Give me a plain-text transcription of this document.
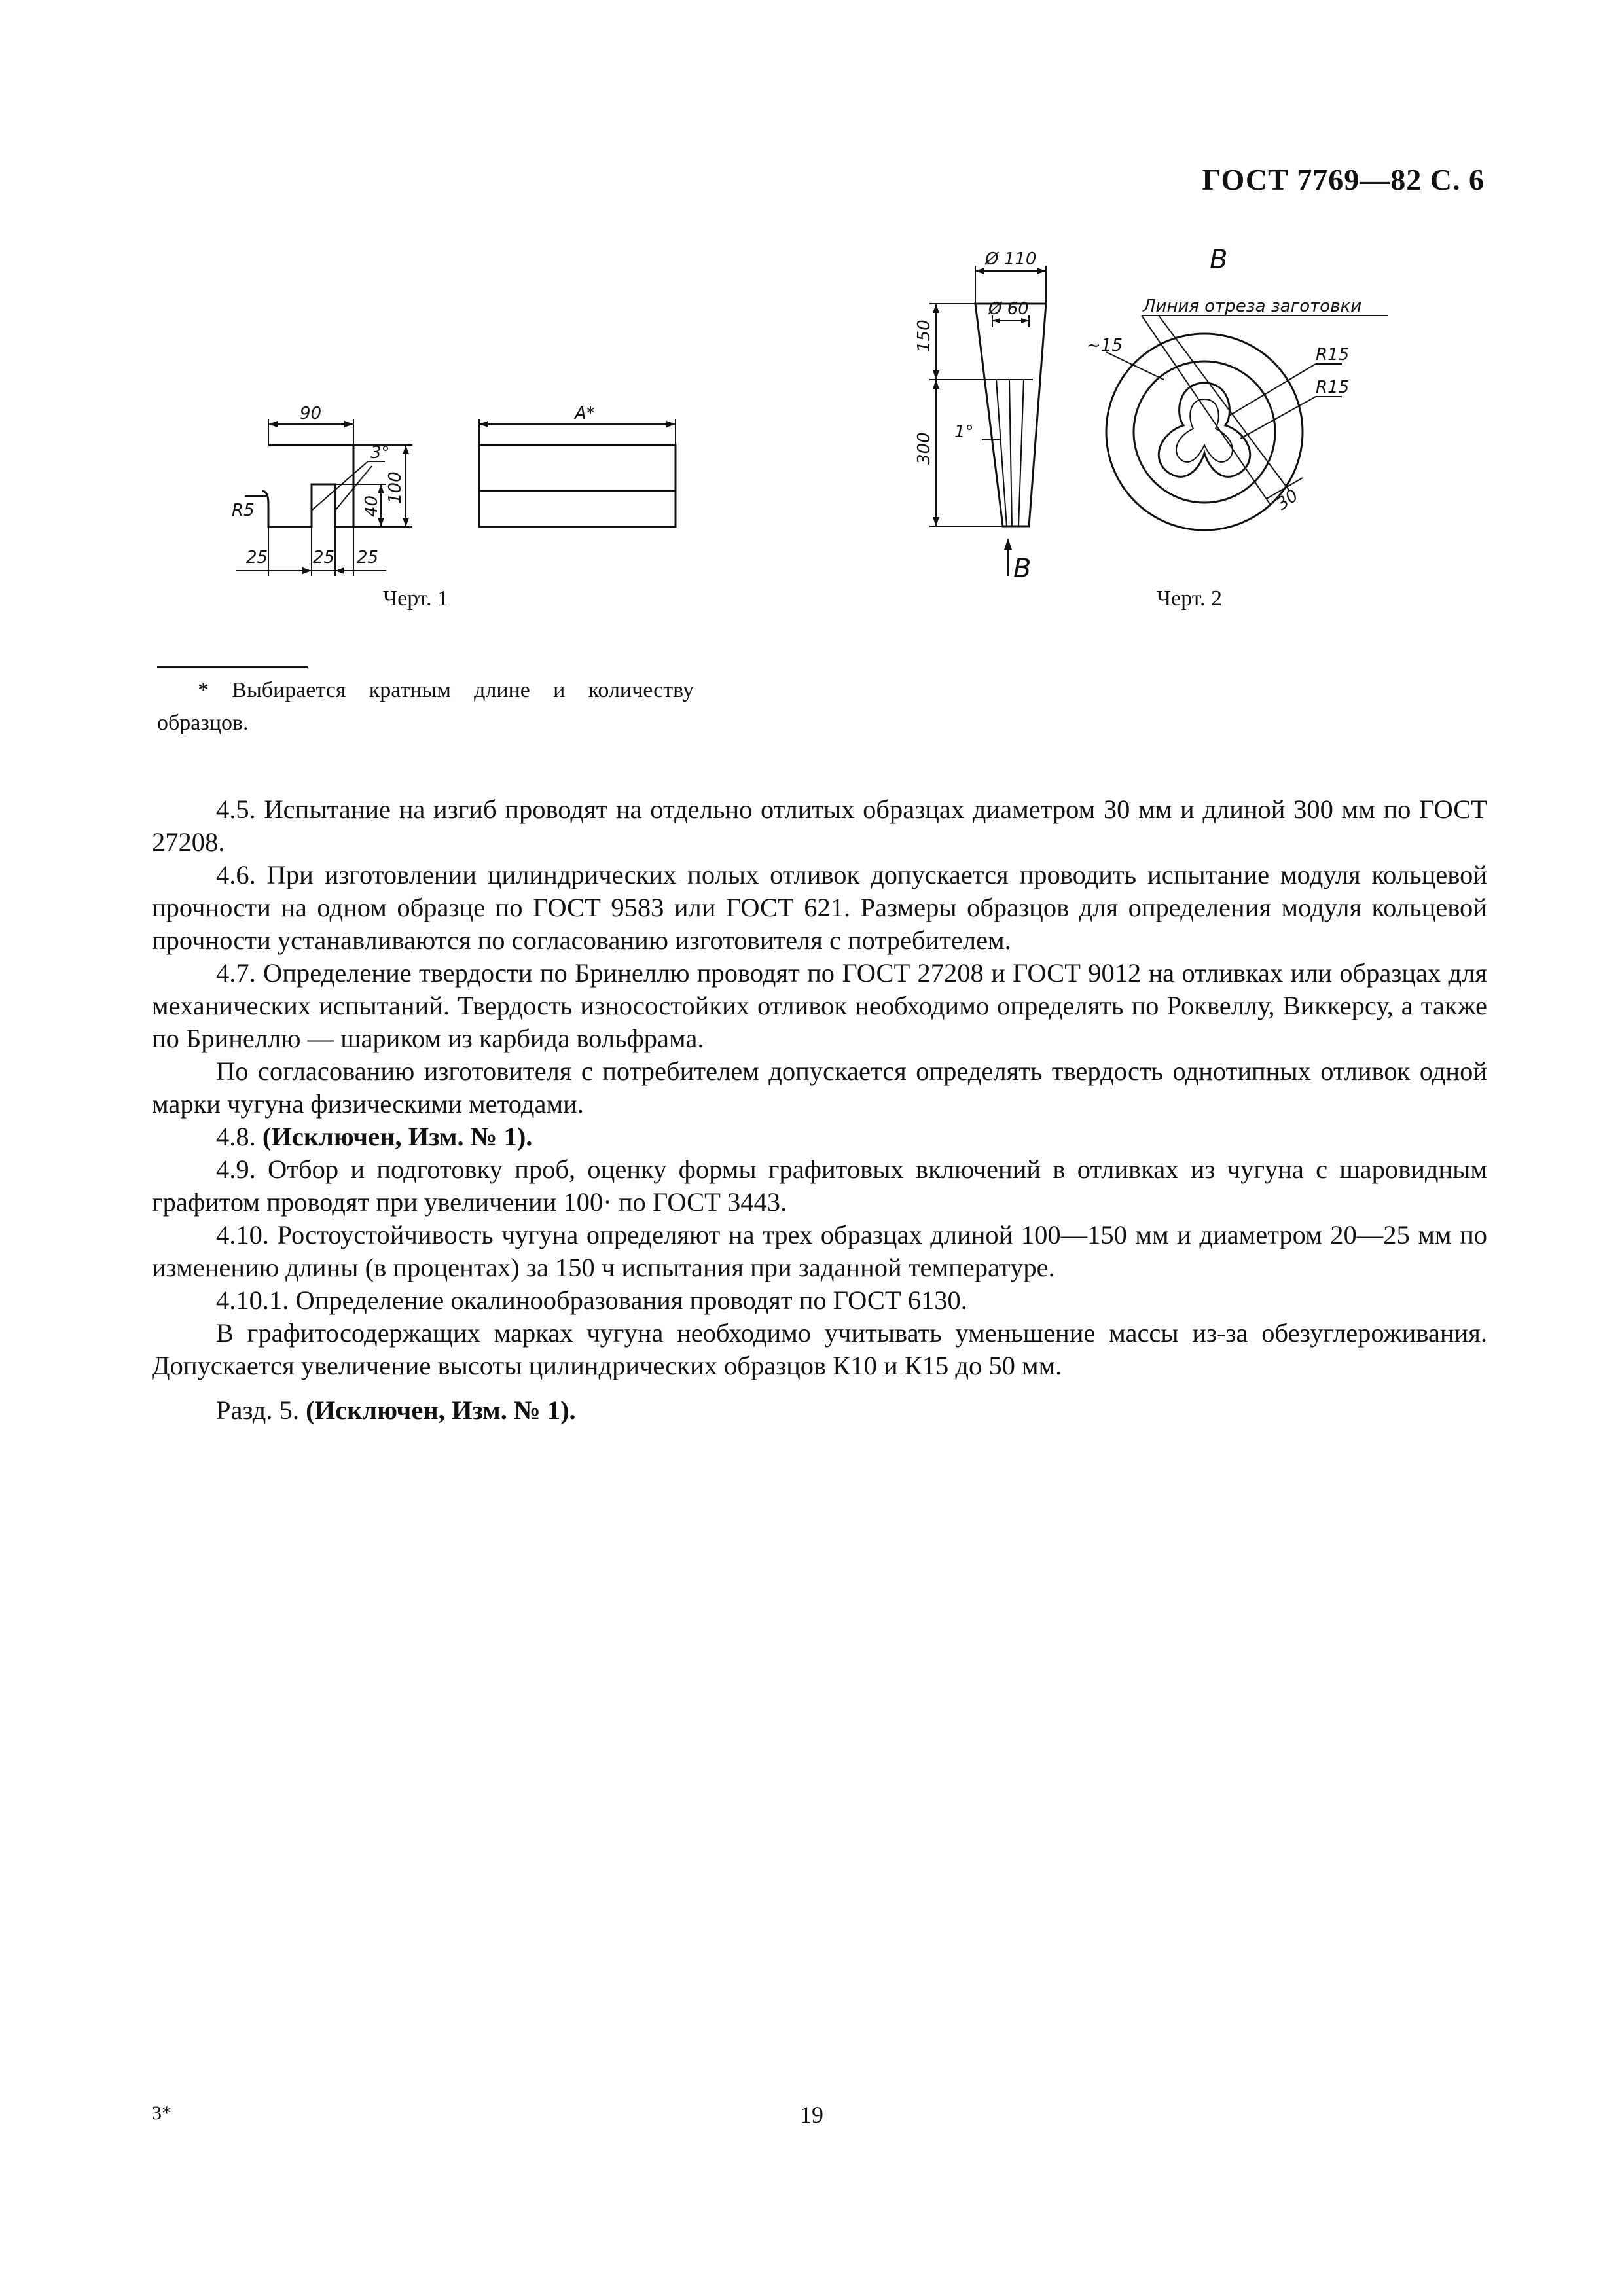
ГОСТ 7769—82 С. 6
90
100
40
3°
R5
25	25 25
A*
Черт. 1
Ø 110
Ø 60
150
300
1°
B
B
Линия отреза заготовки
~15	R15
R15
30
Черт. 2
* Выбирается кратным длине и количеству образцов.

4.5. Испытание на изгиб проводят на отдельно отлитых образцах диаметром 30 мм и длиной 300 мм по ГОСТ 27208.

4.6. При изготовлении цилиндрических полых отливок допускается проводить испытание модуля кольцевой прочности на одном образце по ГОСТ 9583 или ГОСТ 621. Размеры образцов для определения модуля кольцевой прочности устанавливаются по согласованию изготовителя с потребителем.

4.7. Определение твердости по Бринеллю проводят по ГОСТ 27208 и ГОСТ 9012 на отливках или образцах для механических испытаний. Твердость износостойких отливок необходимо определять по Роквеллу, Виккерсу, а также по Бринеллю — шариком из карбида вольфрама.

По согласованию изготовителя с потребителем допускается определять твердость однотипных отливок одной марки чугуна физическими методами.

4.8. (Исключен, Изм. № 1).

4.9. Отбор и подготовку проб, оценку формы графитовых включений в отливках из чугуна с шаровидным графитом проводят при увеличении 100· по ГОСТ 3443.

4.10. Ростоустойчивость чугуна определяют на трех образцах длиной 100—150 мм и диаметром 20—25 мм по изменению длины (в процентах) за 150 ч испытания при заданной температуре.

4.10.1. Определение окалинообразования проводят по ГОСТ 6130.

В графитосодержащих марках чугуна необходимо учитывать уменьшение массы из-за обезуглероживания. Допускается увеличение высоты цилиндрических образцов К10 и К15 до 50 мм.

Разд. 5. (Исключен, Изм. № 1).

3*	19
